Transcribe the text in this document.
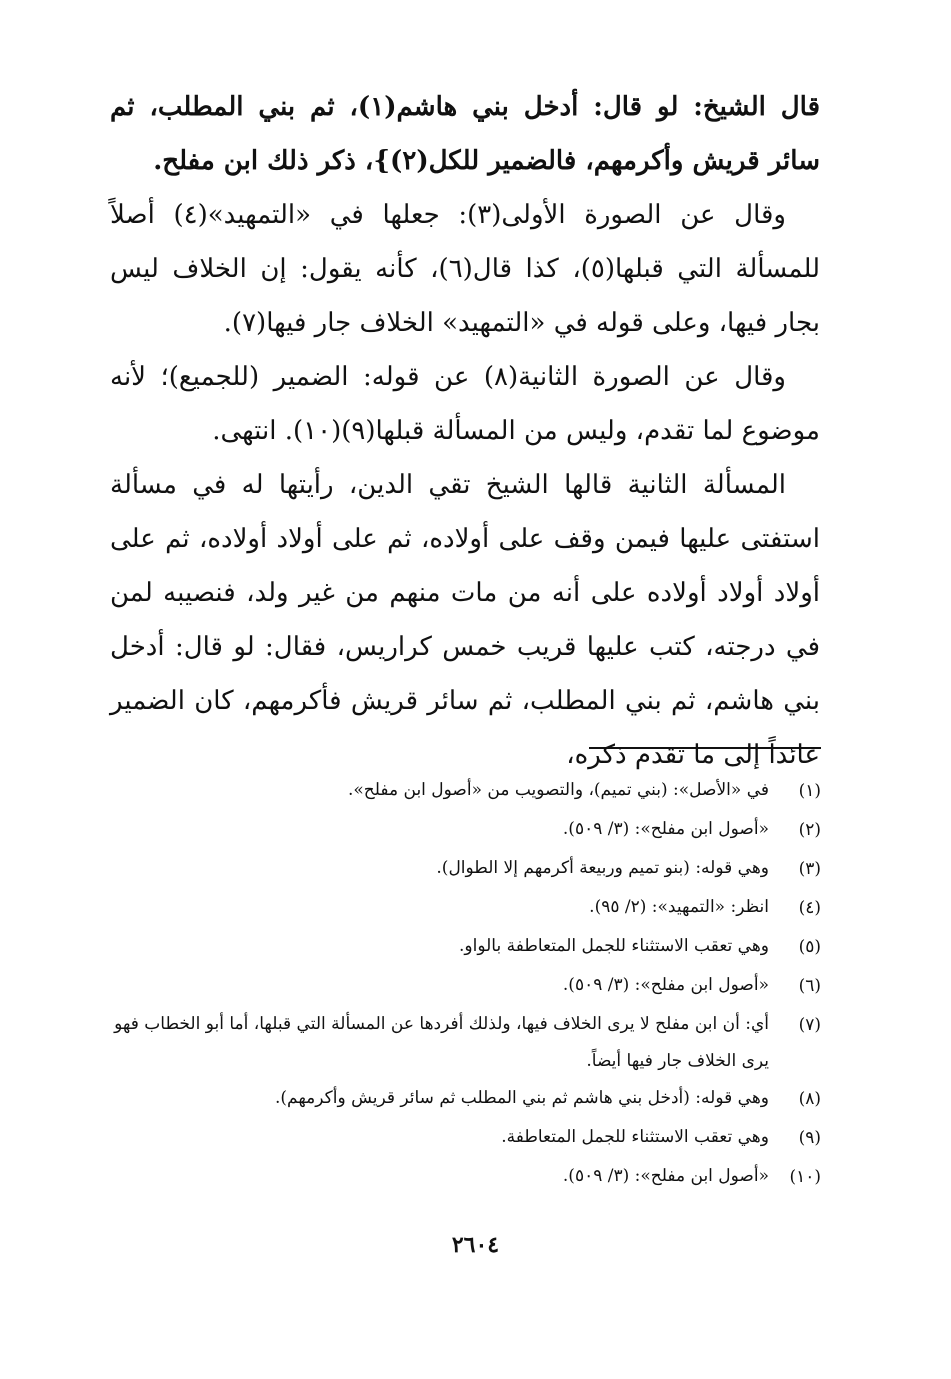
قال الشيخ: لو قال: أدخل بني هاشم(١)، ثم بني المطلب، ثم سائر قريش وأكرمهم، فالضمير للكل(٢)}، ذكر ذلك ابن مفلح.

وقال عن الصورة الأولى(٣): جعلها في «التمهيد»(٤) أصلاً للمسألة التي قبلها(٥)، كذا قال(٦)، كأنه يقول: إن الخلاف ليس بجار فيها، وعلى قوله في «التمهيد» الخلاف جار فيها(٧).

وقال عن الصورة الثانية(٨) عن قوله: الضمير (للجميع)؛ لأنه موضوع لما تقدم، وليس من المسألة قبلها(٩)(١٠). انتهى.

المسألة الثانية قالها الشيخ تقي الدين، رأيتها له في مسألة استفتى عليها فيمن وقف على أولاده، ثم على أولاد أولاده، ثم على أولاد أولاد أولاده على أنه من مات منهم من غير ولد، فنصيبه لمن في درجته، كتب عليها قريب خمس كراريس، فقال: لو قال: أدخل بني هاشم، ثم بني المطلب، ثم سائر قريش فأكرمهم، كان الضمير عائداً إلى ما تقدم ذكره،

(١)
في «الأصل»: (بني تميم)، والتصويب من «أصول ابن مفلح».
(٢)
«أصول ابن مفلح»: (٣/ ٥٠٩).
(٣)
وهي قوله: (بنو تميم وربيعة أكرمهم إلا الطوال).
(٤)
انظر: «التمهيد»: (٢/ ٩٥).
(٥)
وهي تعقب الاستثناء للجمل المتعاطفة بالواو.
(٦)
«أصول ابن مفلح»: (٣/ ٥٠٩).
(٧)
أي: أن ابن مفلح لا يرى الخلاف فيها، ولذلك أفردها عن المسألة التي قبلها، أما أبو الخطاب فهو يرى الخلاف جار فيها أيضاً.
(٨)
وهي قوله: (أدخل بني هاشم ثم بني المطلب ثم سائر قريش وأكرمهم).
(٩)
وهي تعقب الاستثناء للجمل المتعاطفة.
(١٠)
«أصول ابن مفلح»: (٣/ ٥٠٩).
٢٦٠٤
